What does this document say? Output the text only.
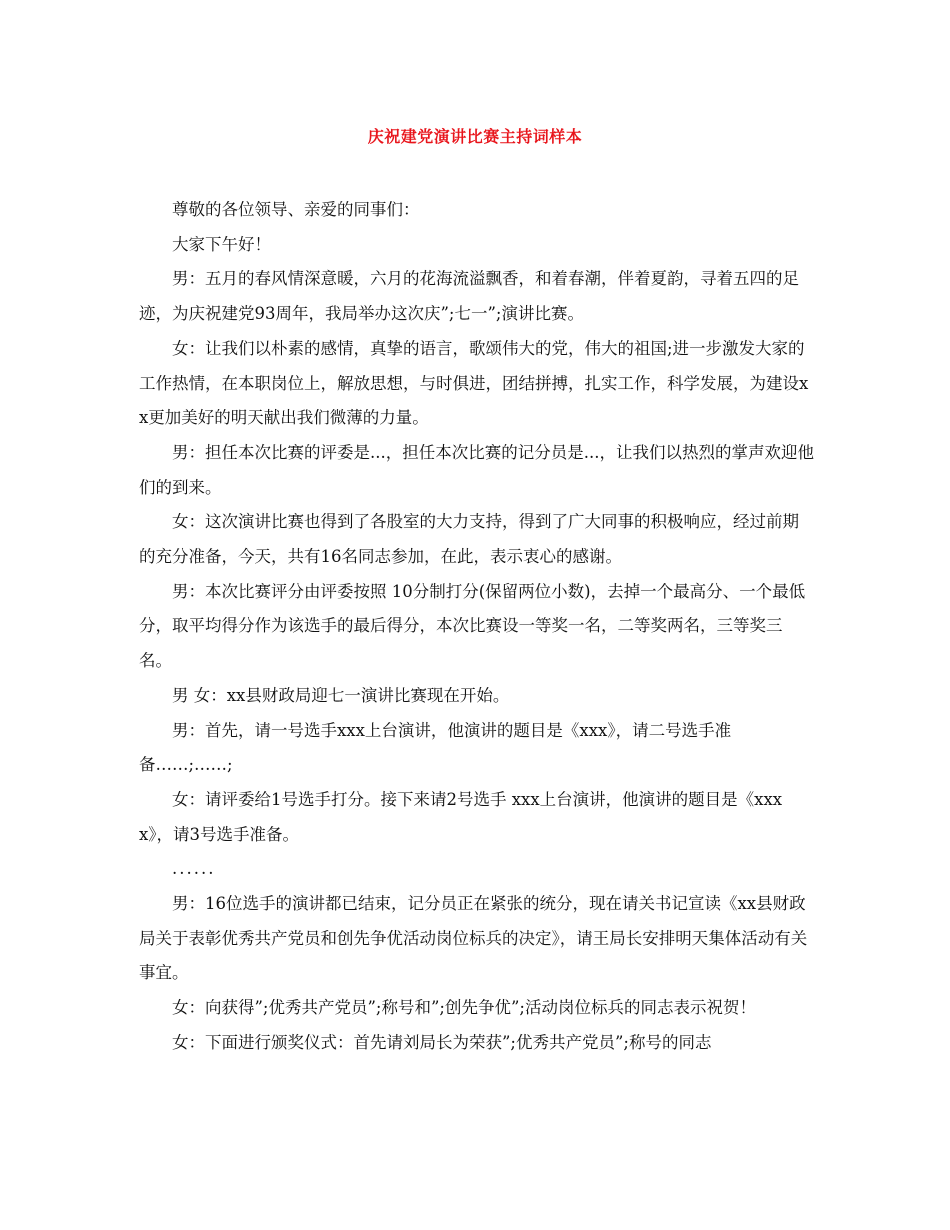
庆祝建党演讲比赛主持词样本

尊敬的各位领导、亲爱的同事们：

大家下午好！

男：五月的春风情深意暖，六月的花海流溢飘香，和着春潮，伴着夏韵，寻着五四的足迹，为庆祝建党93周年，我局举办这次庆”;七一”;演讲比赛。

女：让我们以朴素的感情，真挚的语言，歌颂伟大的党，伟大的祖国;进一步激发大家的工作热情，在本职岗位上，解放思想，与时俱进，团结拼搏，扎实工作，科学发展，为建设xx更加美好的明天献出我们微薄的力量。

男：担任本次比赛的评委是...，担任本次比赛的记分员是...，让我们以热烈的掌声欢迎他们的到来。

女：这次演讲比赛也得到了各股室的大力支持，得到了广大同事的积极响应，经过前期的充分准备，今天，共有16名同志参加，在此，表示衷心的感谢。

男：本次比赛评分由评委按照 10分制打分(保留两位小数)，去掉一个最高分、一个最低分，取平均得分作为该选手的最后得分，本次比赛设一等奖一名，二等奖两名，三等奖三名。

男 女：xx县财政局迎七一演讲比赛现在开始。

男：首先，请一号选手xxx上台演讲，他演讲的题目是《xxx》，请二号选手准备……;……;

女：请评委给1号选手打分。接下来请2号选手 xxx上台演讲，他演讲的题目是《xxxx》，请3号选手准备。

......

男：16位选手的演讲都已结束，记分员正在紧张的统分，现在请关书记宣读《xx县财政局关于表彰优秀共产党员和创先争优活动岗位标兵的决定》，请王局长安排明天集体活动有关事宜。

女：向获得”;优秀共产党员”;称号和”;创先争优”;活动岗位标兵的同志表示祝贺！

女：下面进行颁奖仪式：首先请刘局长为荣获”;优秀共产党员”;称号的同志
